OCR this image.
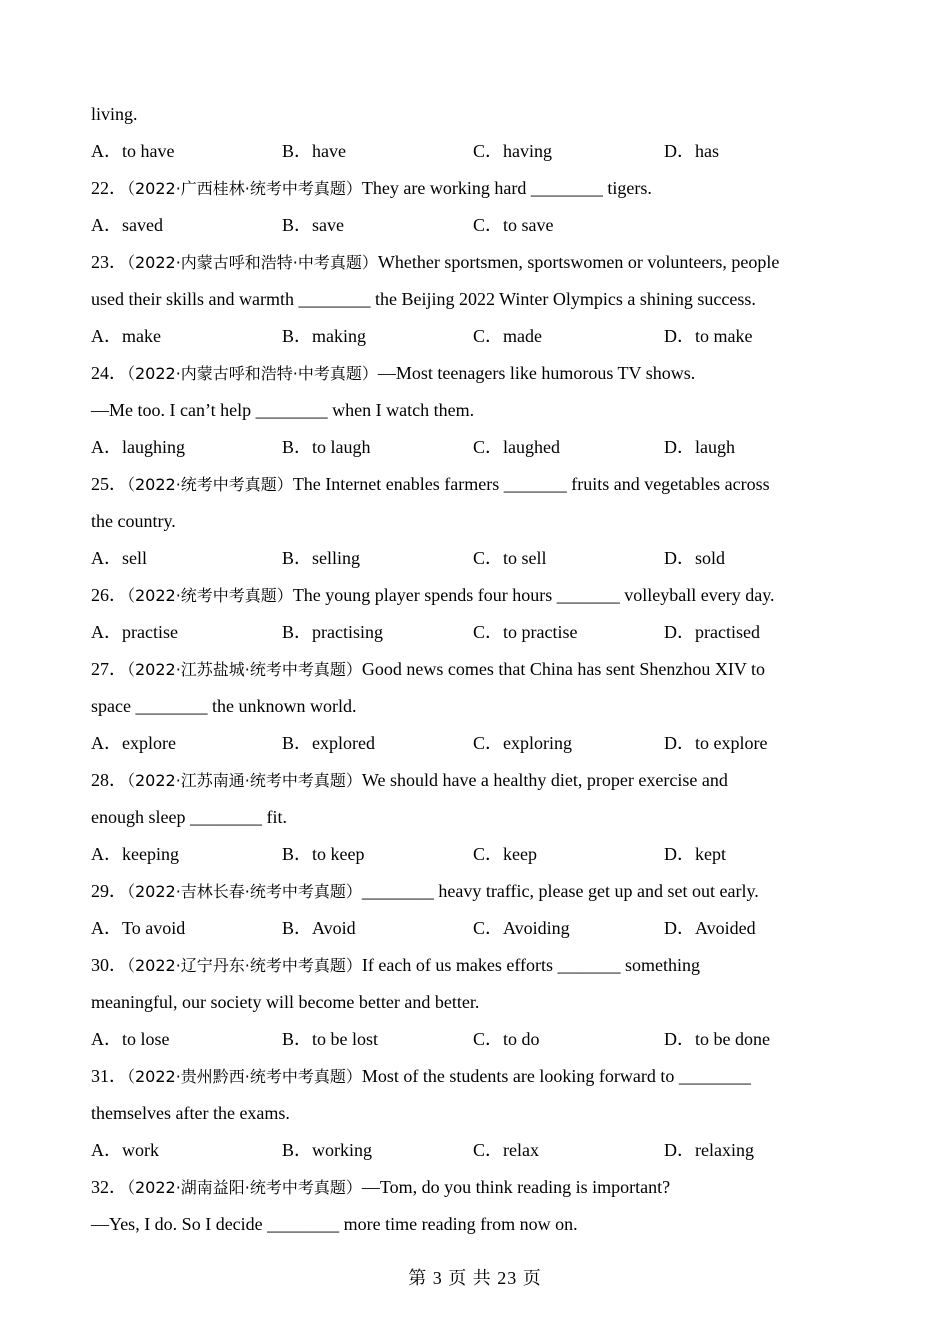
living.
A．to have	B．have	C．having	D．has
22．（2022·广西桂林·统考中考真题）They are working hard ________ tigers.
A．saved	B．save	C．to save
23．（2022·内蒙古呼和浩特·中考真题）Whether sportsmen, sportswomen or volunteers, people
used their skills and warmth ________ the Beijing 2022 Winter Olympics a shining success.
A．make	B．making	C．made	D．to make
24．（2022·内蒙古呼和浩特·中考真题）—Most teenagers like humorous TV shows.
—Me too. I can’t help ________ when I watch them.
A．laughing	B．to laugh	C．laughed	D．laugh
25．（2022·统考中考真题）The Internet enables farmers _______ fruits and vegetables across
the country.
A．sell	B．selling	C．to sell	D．sold
26．（2022·统考中考真题）The young player spends four hours _______ volleyball every day.
A．practise	B．practising	C．to practise	D．practised
27．（2022·江苏盐城·统考中考真题）Good news comes that China has sent Shenzhou XIV to
space ________ the unknown world.
A．explore	B．explored	C．exploring	D．to explore
28．（2022·江苏南通·统考中考真题）We should have a healthy diet, proper exercise and
enough sleep ________ fit.
A．keeping	B．to keep	C．keep	D．kept
29．（2022·吉林长春·统考中考真题）________ heavy traffic, please get up and set out early.
A．To avoid	B．Avoid	C．Avoiding	D．Avoided
30．（2022·辽宁丹东·统考中考真题）If each of us makes efforts _______ something
meaningful, our society will become better and better.
A．to lose	B．to be lost	C．to do	D．to be done
31．（2022·贵州黔西·统考中考真题）Most of the students are looking forward to ________
themselves after the exams.
A．work	B．working	C．relax	D．relaxing
32．（2022·湖南益阳·统考中考真题）—Tom, do you think reading is important?
—Yes, I do. So I decide ________ more time reading from now on.
第 3 页 共 23 页
